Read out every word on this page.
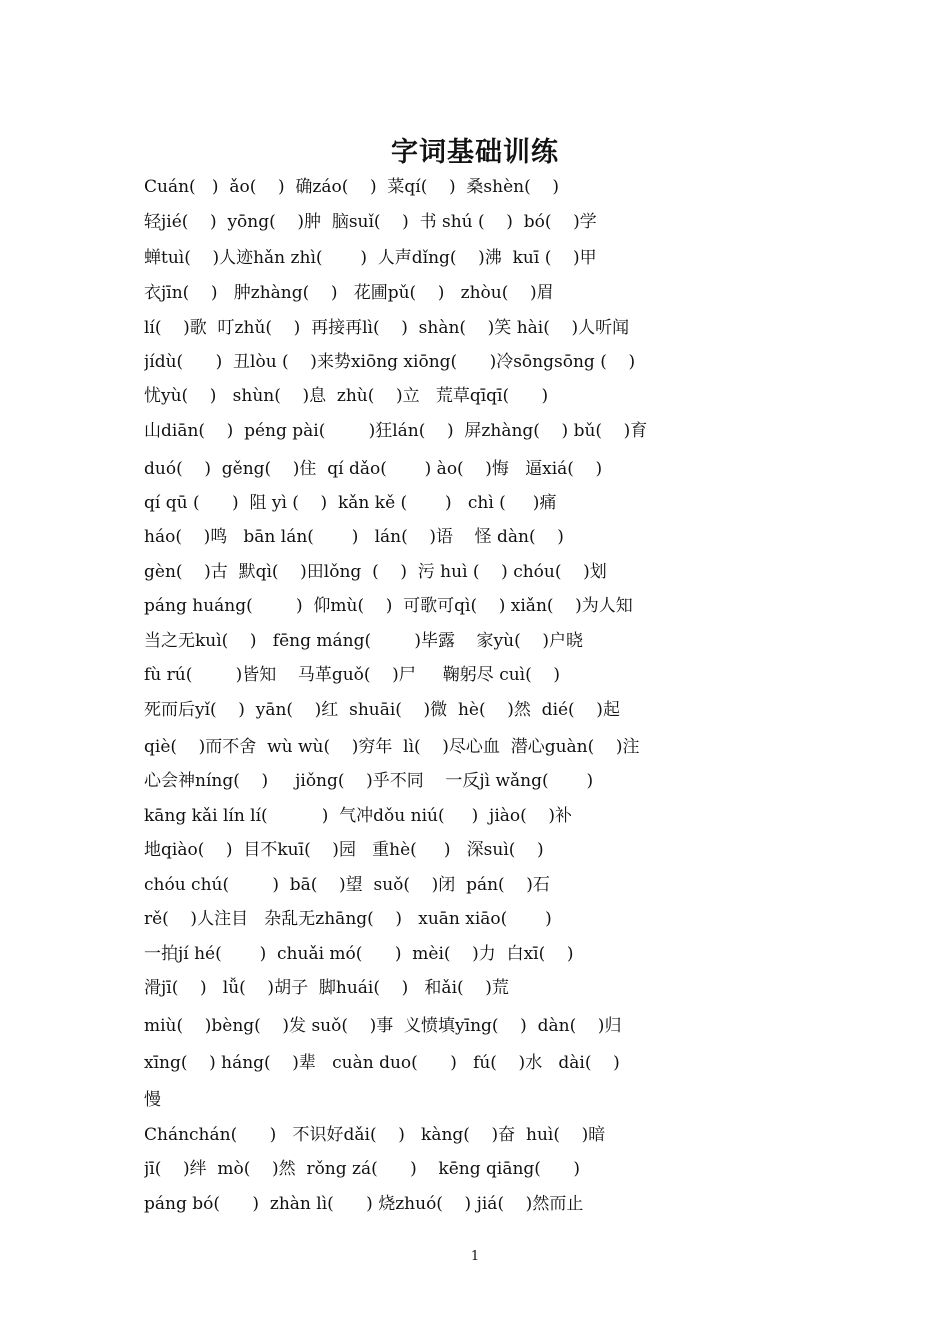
字词基础训练
Cuán(   )  ǎo(    )  确záo(    )  菜qí(    )  桑shèn(    )
轻jié(    )  yōng(    )肿  脑suǐ(    )  书 shú (    )  bó(    )学
蝉tuì(    )人迹hǎn zhì(       )  人声dǐng(    )沸  kuī (    )甲
衣jīn(    )   肿zhàng(    )   花圃pǔ(    )   zhòu(    )眉
lí(    )歌  叮zhǔ(    )  再接再lì(    )  shàn(    )笑 hài(    )人听闻
jídù(      )  丑lòu (    )来势xiōng xiōng(      )冷sōngsōng (    )
忧yù(    )   shùn(    )息  zhù(    )立   荒草qīqī(      )
山diān(    )  péng pài(        )狂lán(    )  屏zhàng(    ) bǔ(    )育
duó(    )  gěng(    )住  qí dǎo(       ) ào(    )悔   逼xiá(    )
qí qū (      )  阻 yì (    )  kǎn kě (       )   chì (     )痛
háo(    )鸣   bān lán(       )   lán(    )语    怪 dàn(    )
gèn(    )古  默qì(    )田lǒng  (    )  污 huì (    ) chóu(    )划
páng huáng(        )  仰mù(    )  可歌可qì(    ) xiǎn(    )为人知
当之无kuì(    )   fēng máng(        )毕露    家yù(    )户晓
fù rú(        )皆知    马革guǒ(    )尸     鞠躬尽 cuì(    )
死而后yǐ(    )  yān(    )红  shuāi(    )微  hè(    )然  dié(    )起
qiè(    )而不舍  wù wù(    )穷年  lì(    )尽心血  潜心guàn(    )注
心会神níng(    )     jiǒng(    )乎不同    一反jì wǎng(       )
kāng kǎi lín lí(          )  气冲dǒu niú(     )  jiào(    )补
地qiào(    )  目不kuī(    )园   重hè(     )   深suì(    )
chóu chú(        )  bā(    )望  suǒ(    )闭  pán(    )石
rě(    )人注目   杂乱无zhāng(    )   xuān xiāo(       )
一拍jí hé(       )  chuǎi mó(      )  mèi(    )力  白xī(    )
滑jī(    )   lǚ(    )胡子  脚huái(    )   和ǎi(    )荒
miù(    )bèng(    )发 suǒ(    )事  义愤填yīng(    )  dàn(    )归
xīng(    ) háng(    )辈   cuàn duo(      )   fú(    )水   dài(    )
慢
Chánchán(      )   不识好dǎi(    )   kàng(    )奋  huì(    )暗
jī(    )绊  mò(    )然  rǒng zá(      )    kēng qiāng(      )
páng bó(      )  zhàn lì(      ) 烧zhuó(    ) jiá(    )然而止
1
